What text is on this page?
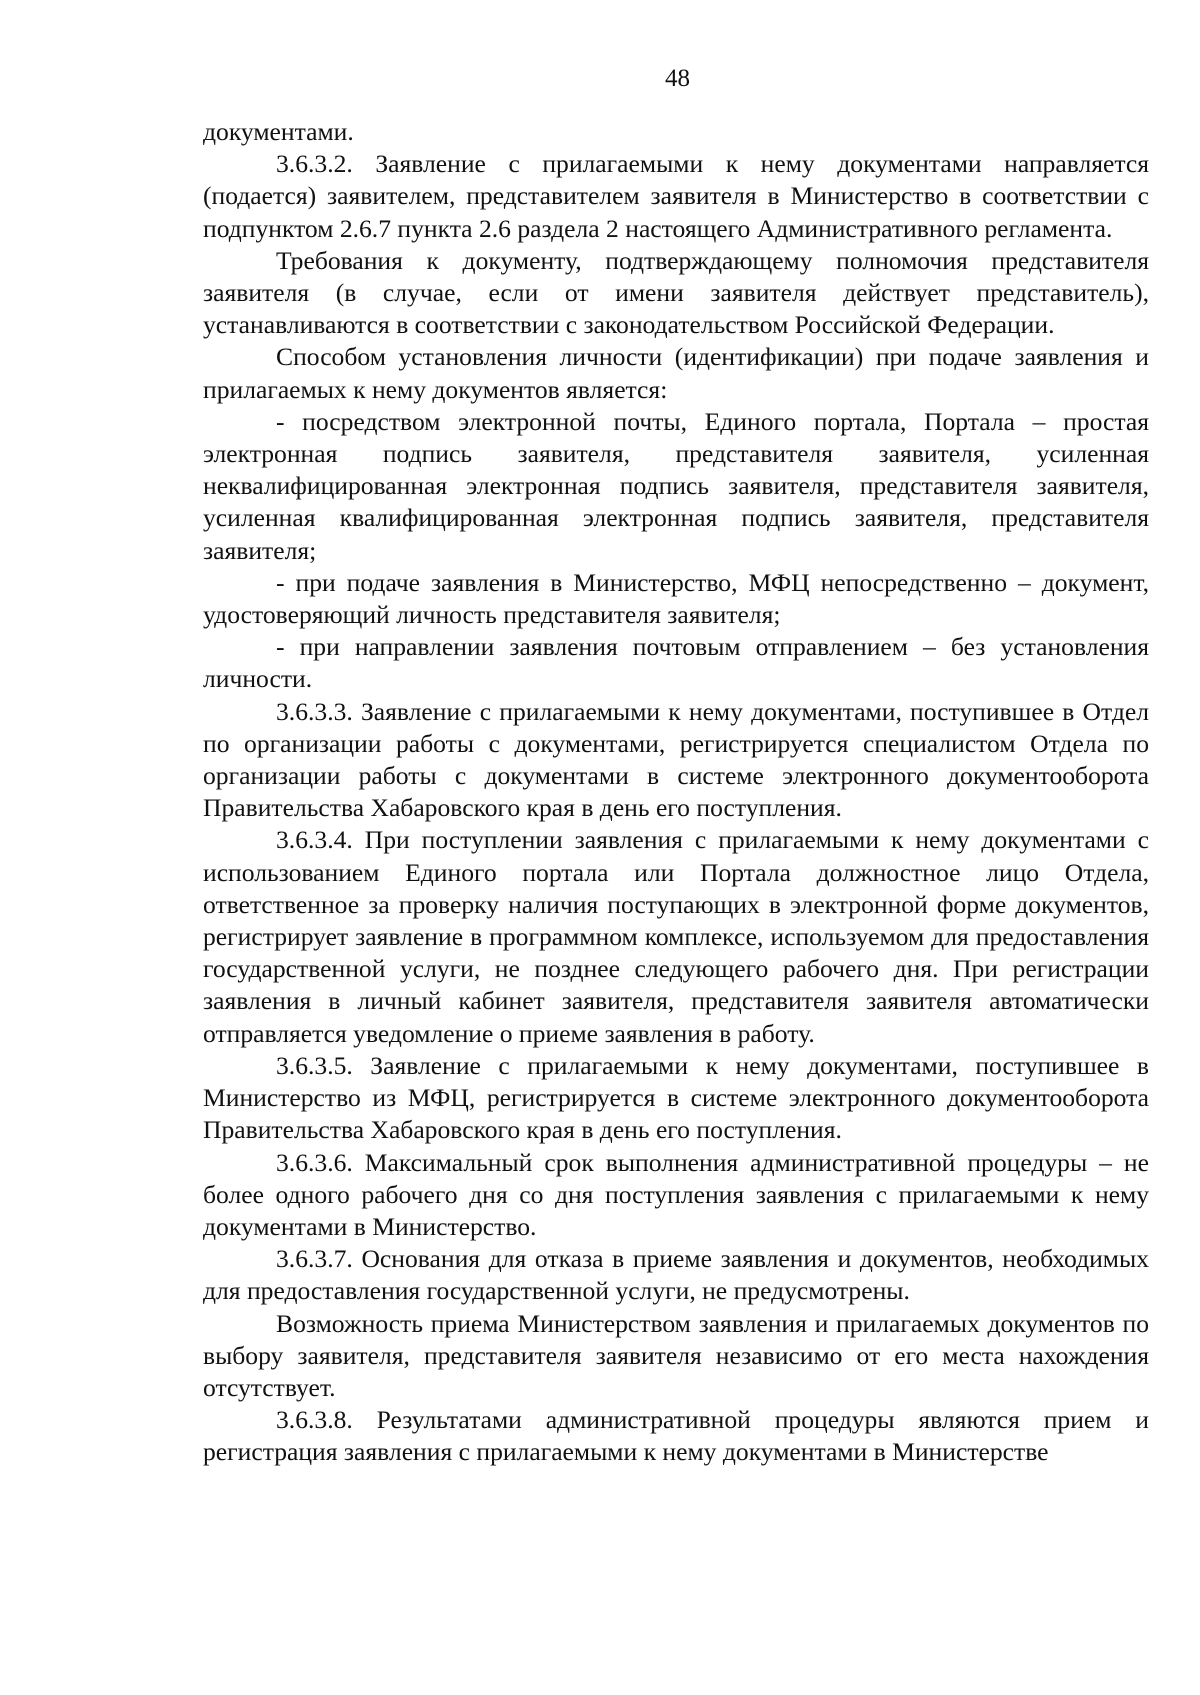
48

документами.

3.6.3.2. Заявление с прилагаемыми к нему документами направляется (подается) заявителем, представителем заявителя в Министерство в соответствии с подпунктом 2.6.7 пункта 2.6 раздела 2 настоящего Административного регламента.

Требования к документу, подтверждающему полномочия представителя заявителя (в случае, если от имени заявителя действует представитель), устанавливаются в соответствии с законодательством Российской Федерации.

Способом установления личности (идентификации) при подаче заявления и прилагаемых к нему документов является:

- посредством электронной почты, Единого портала, Портала – простая электронная подпись заявителя, представителя заявителя, усиленная неквалифицированная электронная подпись заявителя, представителя заявителя, усиленная квалифицированная электронная подпись заявителя, представителя заявителя;

- при подаче заявления в Министерство, МФЦ непосредственно – документ, удостоверяющий личность представителя заявителя;

- при направлении заявления почтовым отправлением – без установления личности.

3.6.3.3. Заявление с прилагаемыми к нему документами, поступившее в Отдел по организации работы с документами, регистрируется специалистом Отдела по организации работы с документами в системе электронного документооборота Правительства Хабаровского края в день его поступления.

3.6.3.4. При поступлении заявления с прилагаемыми к нему документами с использованием Единого портала или Портала должностное лицо Отдела, ответственное за проверку наличия поступающих в электронной форме документов, регистрирует заявление в программном комплексе, используемом для предоставления государственной услуги, не позднее следующего рабочего дня. При регистрации заявления в личный кабинет заявителя, представителя заявителя автоматически отправляется уведомление о приеме заявления в работу.

3.6.3.5. Заявление с прилагаемыми к нему документами, поступившее в Министерство из МФЦ, регистрируется в системе электронного документооборота Правительства Хабаровского края в день его поступления.

3.6.3.6. Максимальный срок выполнения административной процедуры – не более одного рабочего дня со дня поступления заявления с прилагаемыми к нему документами в Министерство.

3.6.3.7. Основания для отказа в приеме заявления и документов, необходимых для предоставления государственной услуги, не предусмотрены.

Возможность приема Министерством заявления и прилагаемых документов по выбору заявителя, представителя заявителя независимо от его места нахождения отсутствует.

3.6.3.8. Результатами административной процедуры являются прием и регистрация заявления с прилагаемыми к нему документами в Министерстве
